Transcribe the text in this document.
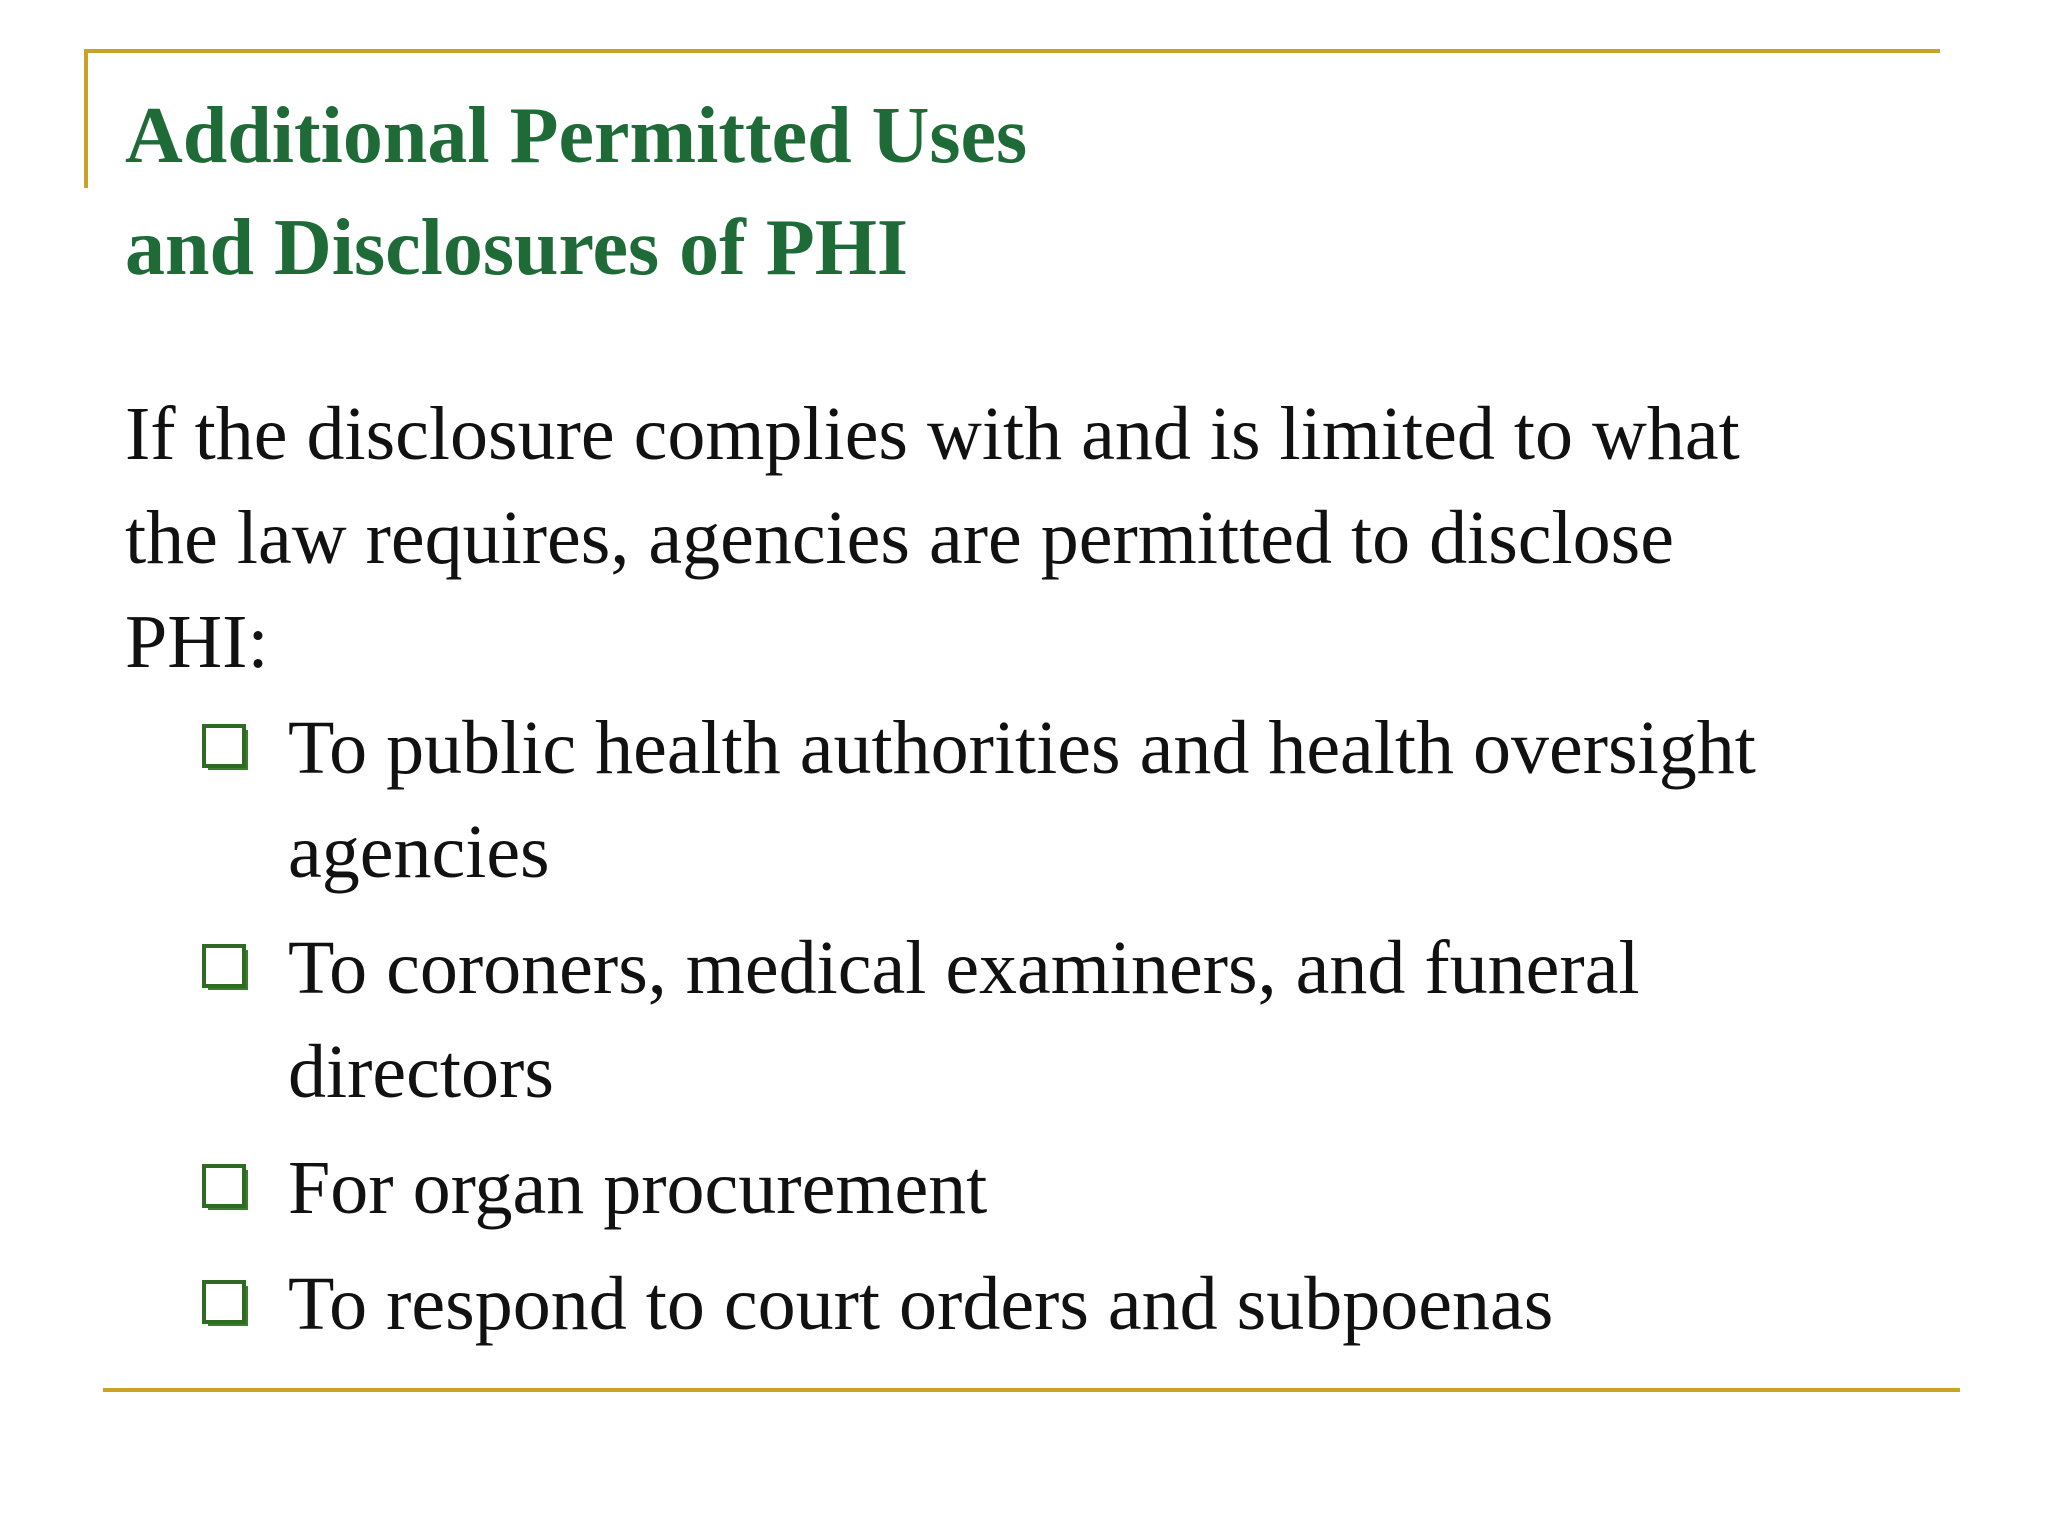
Additional Permitted Uses
and Disclosures of PHI

If the disclosure complies with and is limited to what
the law requires, agencies are permitted to disclose
PHI:

To public health authorities and health oversight
agencies
To coroners, medical examiners, and funeral
directors
For organ procurement
To respond to court orders and subpoenas
